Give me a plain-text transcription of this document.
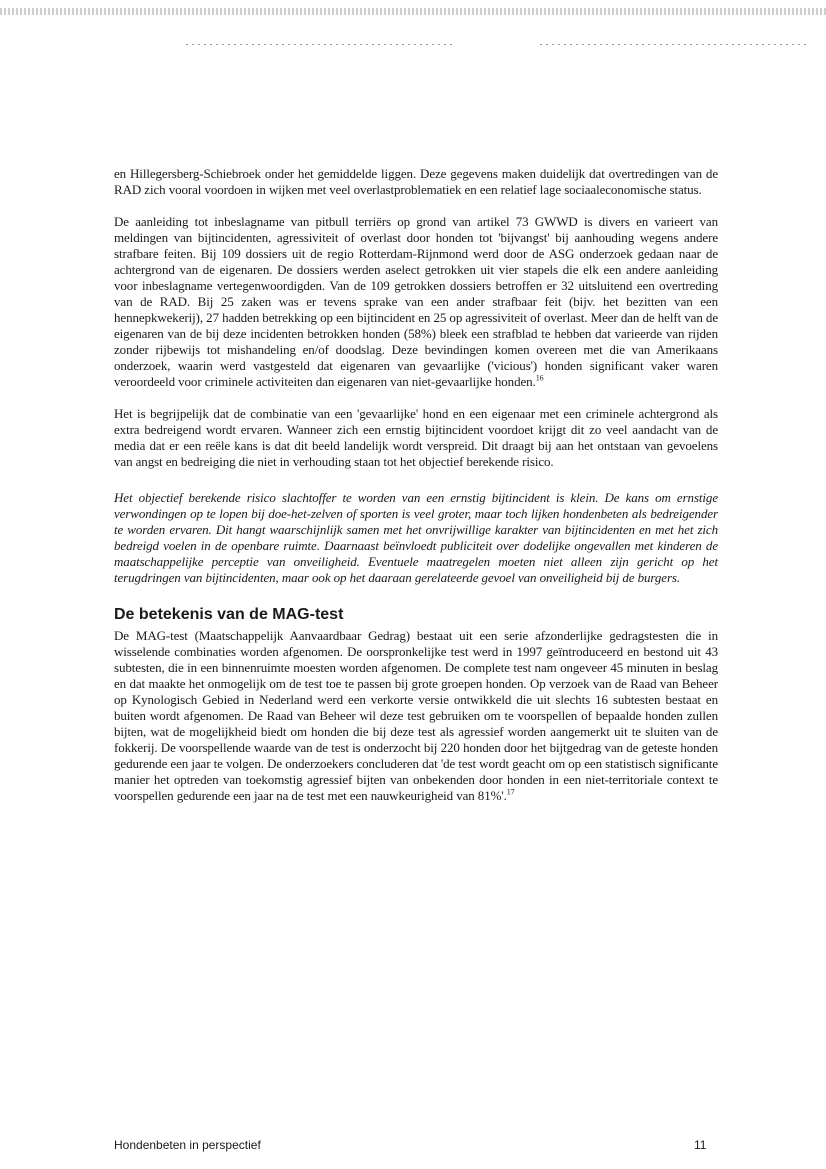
en Hillegersberg-Schiebroek onder het gemiddelde liggen. Deze gegevens maken duidelijk dat overtredingen van de RAD zich vooral voordoen in wijken met veel overlastproblematiek en een relatief lage sociaaleconomische status.

De aanleiding tot inbeslagname van pitbull terriërs op grond van artikel 73 GWWD is divers en varieert van meldingen van bijtincidenten, agressiviteit of overlast door honden tot 'bijvangst' bij aanhouding wegens andere strafbare feiten. Bij 109 dossiers uit de regio Rotterdam-Rijnmond werd door de ASG onderzoek gedaan naar de achtergrond van de eigenaren. De dossiers werden aselect getrokken uit vier stapels die elk een andere aanleiding voor inbeslagname vertegenwoordigden. Van de 109 getrokken dossiers betroffen er 32 uitsluitend een overtreding van de RAD. Bij 25 zaken was er tevens sprake van een ander strafbaar feit (bijv. het bezitten van een hennepkwekerij), 27 hadden betrekking op een bijtincident en 25 op agressiviteit of overlast. Meer dan de helft van de eigenaren van de bij deze incidenten betrokken honden (58%) bleek een strafblad te hebben dat varieerde van rijden zonder rijbewijs tot mishandeling en/of doodslag. Deze bevindingen komen overeen met die van Amerikaans onderzoek, waarin werd vastgesteld dat eigenaren van gevaarlijke ('vicious') honden significant vaker waren veroordeeld voor criminele activiteiten dan eigenaren van niet-gevaarlijke honden.$^{16}$

Het is begrijpelijk dat de combinatie van een 'gevaarlijke' hond en een eigenaar met een criminele achtergrond als extra bedreigend wordt ervaren. Wanneer zich een ernstig bijtincident voordoet krijgt dit zo veel aandacht van de media dat er een reële kans is dat dit beeld landelijk wordt verspreid. Dit draagt bij aan het ontstaan van gevoelens van angst en bedreiging die niet in verhouding staan tot het objectief berekende risico.

Het objectief berekende risico slachtoffer te worden van een ernstig bijtincident is klein. De kans om ernstige verwondingen op te lopen bij doe-het-zelven of sporten is veel groter, maar toch lijken hondenbeten als bedreigender te worden ervaren. Dit hangt waarschijnlijk samen met het onvrijwillige karakter van bijtincidenten en met het zich bedreigd voelen in de openbare ruimte. Daarnaast beïnvloedt publiciteit over dodelijke ongevallen met kinderen de maatschappelijke perceptie van onveiligheid. Eventuele maatregelen moeten niet alleen zijn gericht op het terugdringen van bijtincidenten, maar ook op het daaraan gerelateerde gevoel van onveiligheid bij de burgers.

De betekenis van de MAG-test

De MAG-test (Maatschappelijk Aanvaardbaar Gedrag) bestaat uit een serie afzonderlijke gedragstesten die in wisselende combinaties worden afgenomen. De oorspronkelijke test werd in 1997 geïntroduceerd en bestond uit 43 subtesten, die in een binnenruimte moesten worden afgenomen. De complete test nam ongeveer 45 minuten in beslag en dat maakte het onmogelijk om de test toe te passen bij grote groepen honden. Op verzoek van de Raad van Beheer op Kynologisch Gebied in Nederland werd een verkorte versie ontwikkeld die uit slechts 16 subtesten bestaat en buiten wordt afgenomen. De Raad van Beheer wil deze test gebruiken om te voorspellen of bepaalde honden zullen bijten, wat de mogelijkheid biedt om honden die bij deze test als agressief worden aangemerkt uit te sluiten van de fokkerij. De voorspellende waarde van de test is onderzocht bij 220 honden door het bijtgedrag van de geteste honden gedurende een jaar te volgen. De onderzoekers concluderen dat 'de test wordt geacht om op een statistisch significante manier het optreden van toekomstig agressief bijten van onbekenden door honden in een niet-territoriale context te voorspellen gedurende een jaar na de test met een nauwkeurigheid van 81%'.$^{17}$

Hondenbeten in perspectief	11
